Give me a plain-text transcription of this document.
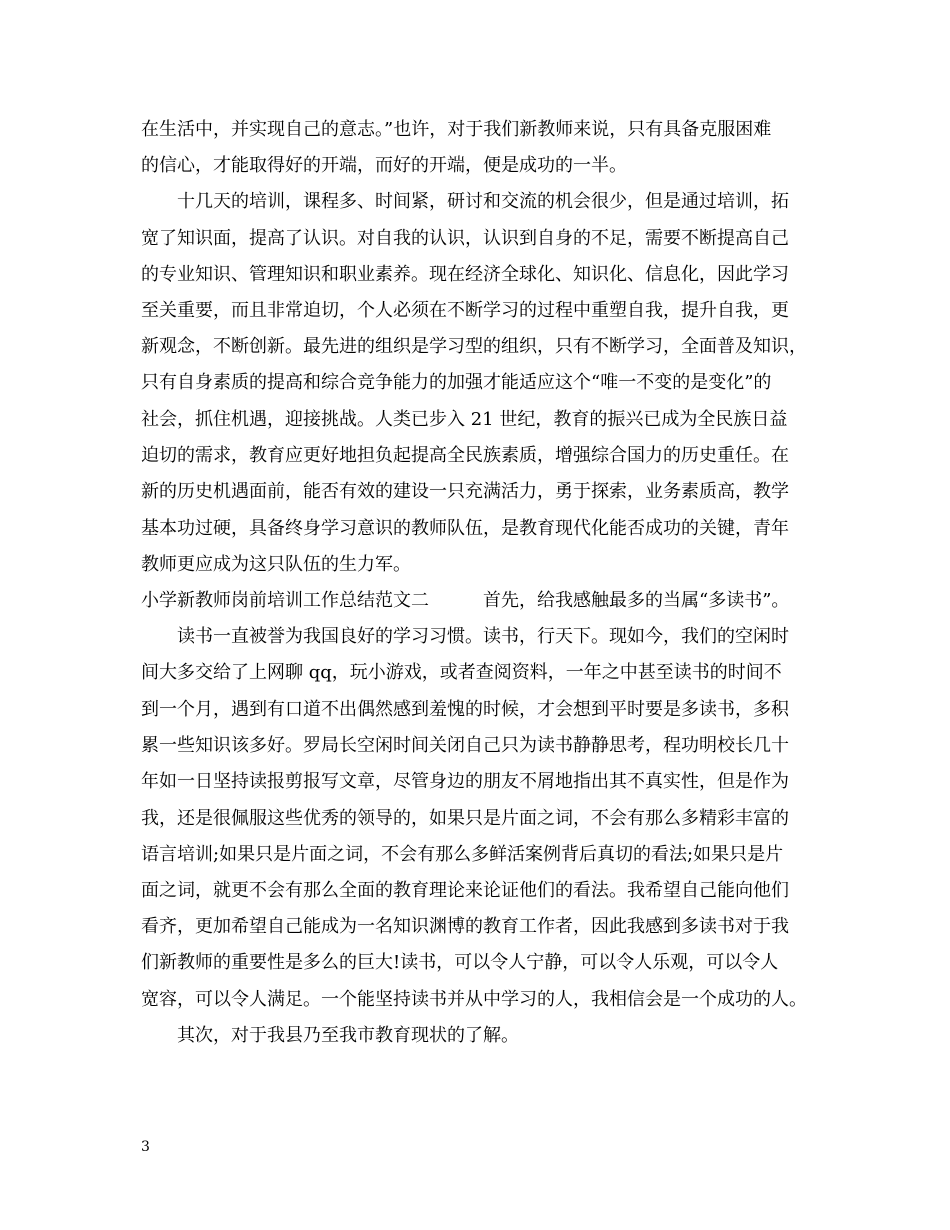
在生活中，并实现自己的意志。”也许，对于我们新教师来说，只有具备克服困难
的信心，才能取得好的开端，而好的开端，便是成功的一半。
　　十几天的培训，课程多、时间紧，研讨和交流的机会很少，但是通过培训，拓
宽了知识面，提高了认识。对自我的认识，认识到自身的不足，需要不断提高自己
的专业知识、管理知识和职业素养。现在经济全球化、知识化、信息化，因此学习
至关重要，而且非常迫切，个人必须在不断学习的过程中重塑自我，提升自我，更
新观念，不断创新。最先进的组织是学习型的组织，只有不断学习，全面普及知识，
只有自身素质的提高和综合竞争能力的加强才能适应这个“唯一不变的是变化”的
社会，抓住机遇，迎接挑战。人类已步入 21 世纪，教育的振兴已成为全民族日益
迫切的需求，教育应更好地担负起提高全民族素质，增强综合国力的历史重任。在
新的历史机遇面前，能否有效的建设一只充满活力，勇于探索，业务素质高，教学
基本功过硬，具备终身学习意识的教师队伍，是教育现代化能否成功的关键，青年
教师更应成为这只队伍的生力军。
小学新教师岗前培训工作总结范文二　　　首先，给我感触最多的当属“多读书”。
　　读书一直被誉为我国良好的学习习惯。读书，行天下。现如今，我们的空闲时
间大多交给了上网聊 qq，玩小游戏，或者查阅资料，一年之中甚至读书的时间不
到一个月，遇到有口道不出偶然感到羞愧的时候，才会想到平时要是多读书，多积
累一些知识该多好。罗局长空闲时间关闭自己只为读书静静思考，程功明校长几十
年如一日坚持读报剪报写文章，尽管身边的朋友不屑地指出其不真实性，但是作为
我，还是很佩服这些优秀的领导的，如果只是片面之词，不会有那么多精彩丰富的
语言培训;如果只是片面之词，不会有那么多鲜活案例背后真切的看法;如果只是片
面之词，就更不会有那么全面的教育理论来论证他们的看法。我希望自己能向他们
看齐，更加希望自己能成为一名知识渊博的教育工作者，因此我感到多读书对于我
们新教师的重要性是多么的巨大!读书，可以令人宁静，可以令人乐观，可以令人
宽容，可以令人满足。一个能坚持读书并从中学习的人，我相信会是一个成功的人。
　　其次，对于我县乃至我市教育现状的了解。
3
